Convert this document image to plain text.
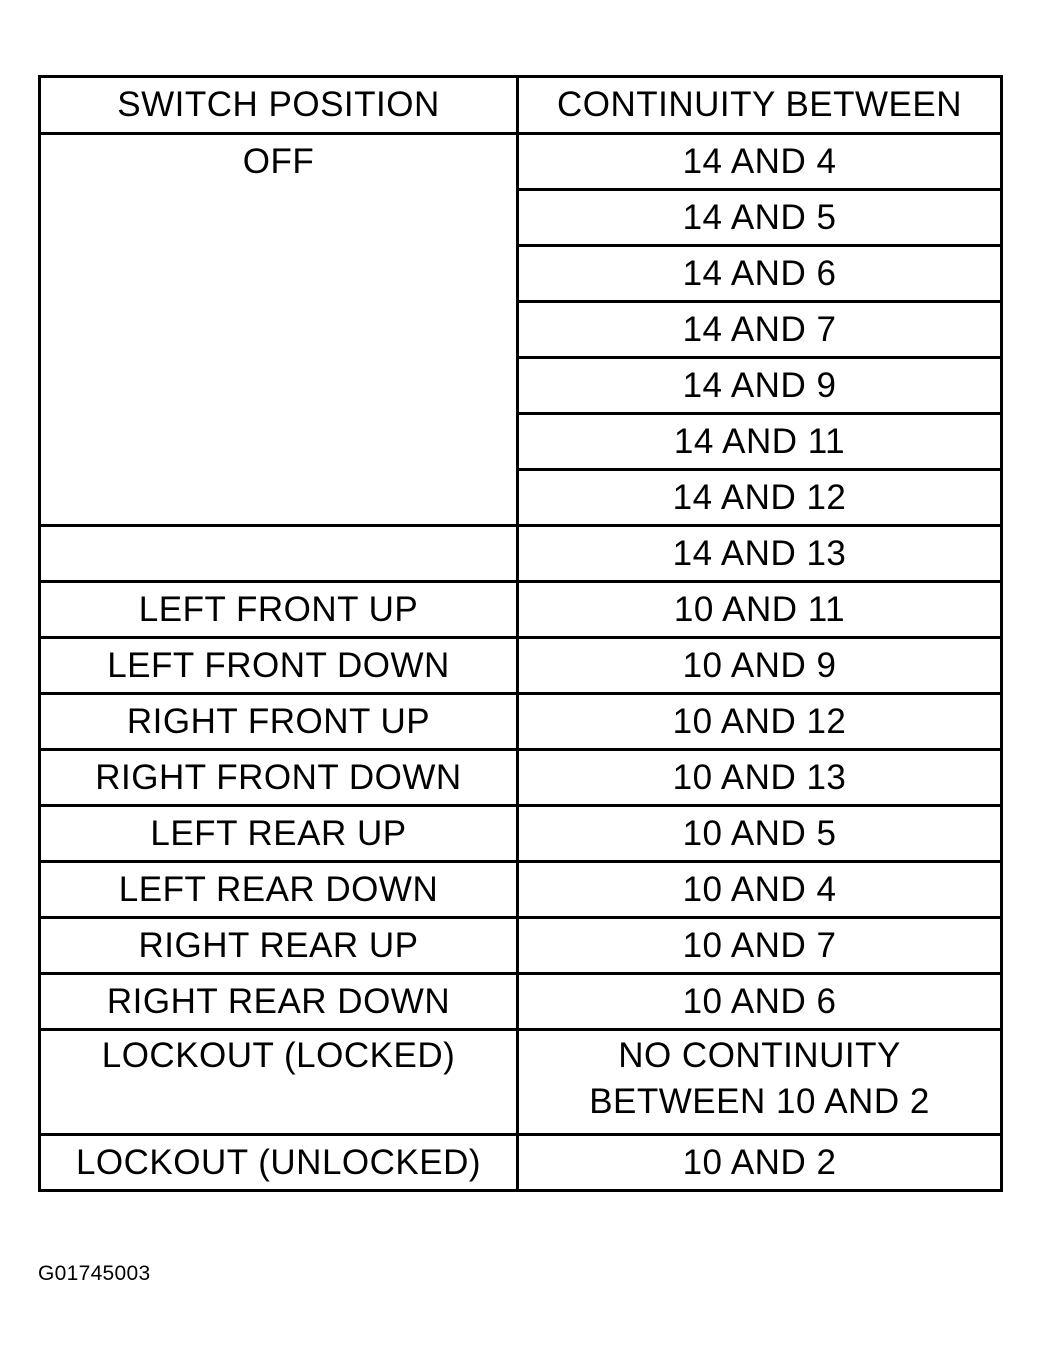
SWITCH POSITION	CONTINUITY BETWEEN
OFF	14 AND 4
	14 AND 5
	14 AND 6
	14 AND 7
	14 AND 9
	14 AND 11
	14 AND 12
	14 AND 13
LEFT FRONT UP	10 AND 11
LEFT FRONT DOWN	10 AND 9
RIGHT FRONT UP	10 AND 12
RIGHT FRONT DOWN	10 AND 13
LEFT REAR UP	10 AND 5
LEFT REAR DOWN	10 AND 4
RIGHT REAR UP	10 AND 7
RIGHT REAR DOWN	10 AND 6
LOCKOUT (LOCKED)	NO CONTINUITY
BETWEEN 10 AND 2

LOCKOUT (UNLOCKED)	10 AND 2
G01745003
